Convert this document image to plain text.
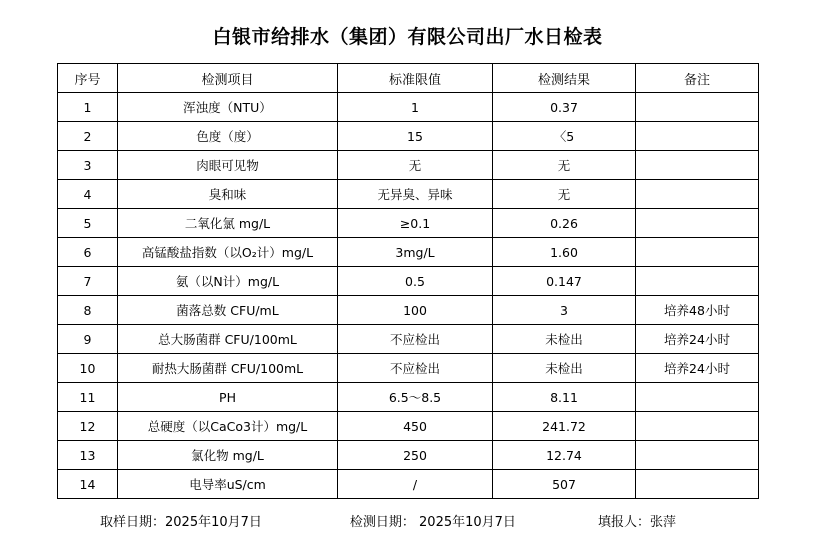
白银市给排水（集团）有限公司出厂水日检表
序号	检测项目	标准限值	检测结果	备注
1	浑浊度（NTU）	1	0.37	
2	色度（度）	15	〈5	
3	肉眼可见物	无	无	
4	臭和味	无异臭、异味	无	
5	二氧化氯 mg/L	≥0.1	0.26	
6	高锰酸盐指数（以O₂计）mg/L	3mg/L	1.60	
7	氨（以N计）mg/L	0.5	0.147	
8	菌落总数 CFU/mL	100	3	培养48小时
9	总大肠菌群 CFU/100mL	不应检出	未检出	培养24小时
10	耐热大肠菌群 CFU/100mL	不应检出	未检出	培养24小时
11	PH	6.5～8.5	8.11	
12	总硬度（以CaCo3计）mg/L	450	241.72	
13	氯化物 mg/L	250	12.74	
14	电导率uS/cm	/	507	
取样日期：2025年10月7日	检测日期： 2025年10月7日	填报人：张萍
